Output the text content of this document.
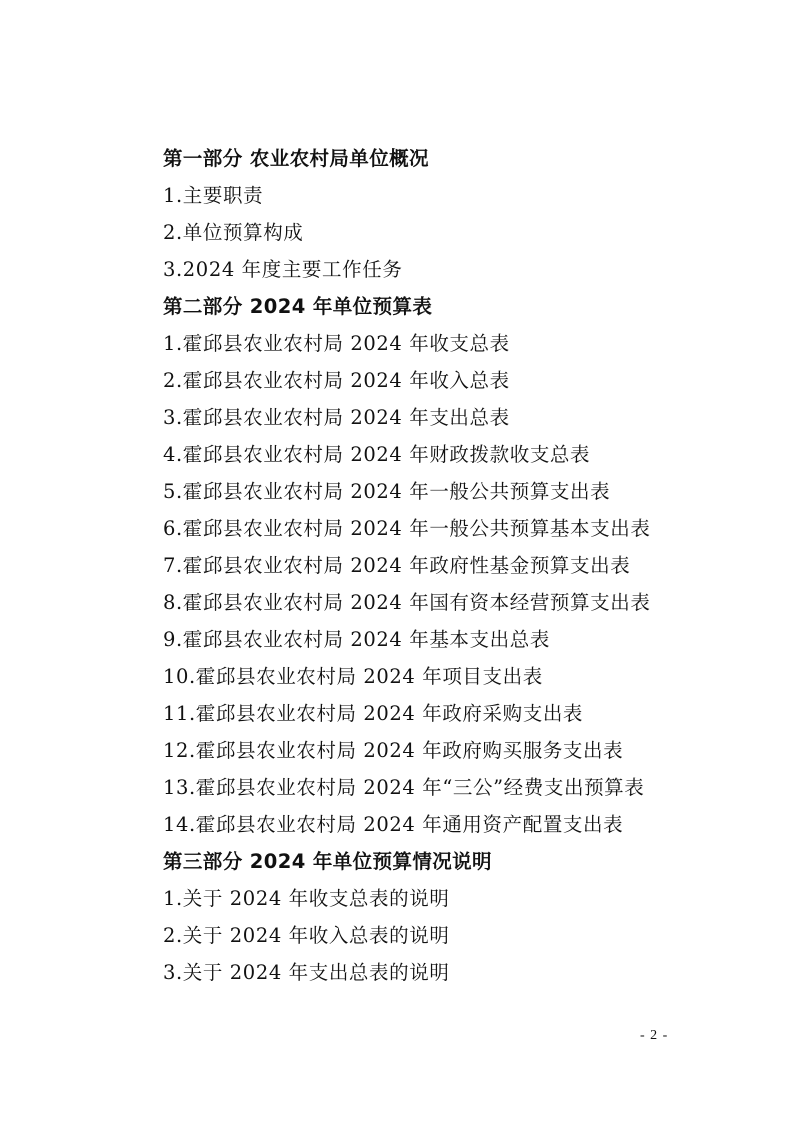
第一部分 农业农村局单位概况
1.主要职责
2.单位预算构成
3.2024 年度主要工作任务
第二部分 2024 年单位预算表
1.霍邱县农业农村局 2024 年收支总表
2.霍邱县农业农村局 2024 年收入总表
3.霍邱县农业农村局 2024 年支出总表
4.霍邱县农业农村局 2024 年财政拨款收支总表
5.霍邱县农业农村局 2024 年一般公共预算支出表
6.霍邱县农业农村局 2024 年一般公共预算基本支出表
7.霍邱县农业农村局 2024 年政府性基金预算支出表
8.霍邱县农业农村局 2024 年国有资本经营预算支出表
9.霍邱县农业农村局 2024 年基本支出总表
10.霍邱县农业农村局 2024 年项目支出表
11.霍邱县农业农村局 2024 年政府采购支出表
12.霍邱县农业农村局 2024 年政府购买服务支出表
13.霍邱县农业农村局 2024 年“三公”经费支出预算表
14.霍邱县农业农村局 2024 年通用资产配置支出表
第三部分 2024 年单位预算情况说明
1.关于 2024 年收支总表的说明
2.关于 2024 年收入总表的说明
3.关于 2024 年支出总表的说明
- 2 -
